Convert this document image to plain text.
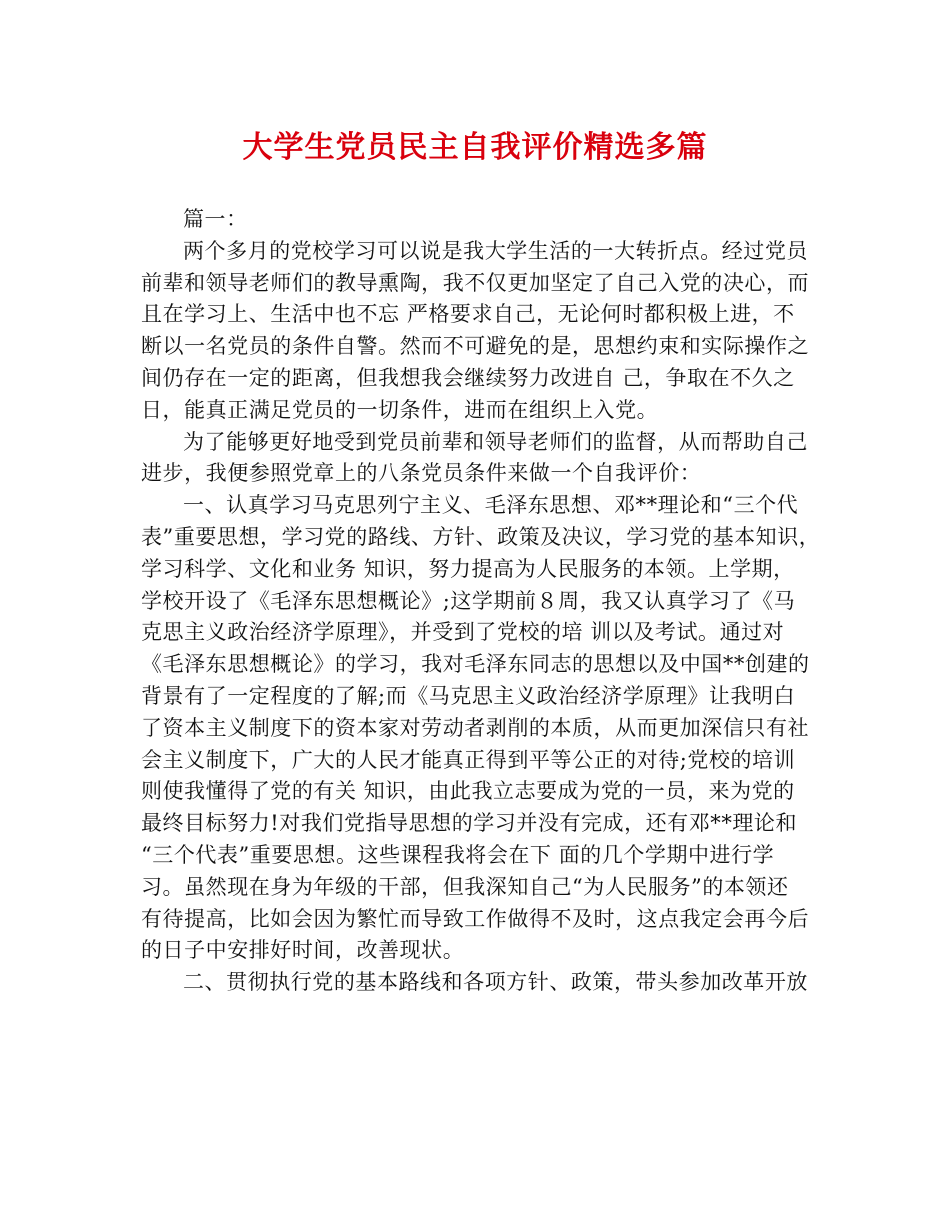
大学生党员民主自我评价精选多篇
篇一：
两个多月的党校学习可以说是我大学生活的一大转折点。经过党员
前辈和领导老师们的教导熏陶，我不仅更加坚定了自己入党的决心，而
且在学习上、生活中也不忘 严格要求自己，无论何时都积极上进，不
断以一名党员的条件自警。然而不可避免的是，思想约束和实际操作之
间仍存在一定的距离，但我想我会继续努力改进自 己，争取在不久之
日，能真正满足党员的一切条件，进而在组织上入党。
为了能够更好地受到党员前辈和领导老师们的监督，从而帮助自己
进步，我便参照党章上的八条党员条件来做一个自我评价：
一、认真学习马克思列宁主义、毛泽东思想、邓**理论和“三个代
表”重要思想，学习党的路线、方针、政策及决议，学习党的基本知识，
学习科学、文化和业务 知识，努力提高为人民服务的本领。上学期，
学校开设了《毛泽东思想概论》;这学期前８周，我又认真学习了《马
克思主义政治经济学原理》，并受到了党校的培 训以及考试。通过对
《毛泽东思想概论》的学习，我对毛泽东同志的思想以及中国**创建的
背景有了一定程度的了解;而《马克思主义政治经济学原理》让我明白
了资本主义制度下的资本家对劳动者剥削的本质，从而更加深信只有社
会主义制度下，广大的人民才能真正得到平等公正的对待;党校的培训
则使我懂得了党的有关 知识，由此我立志要成为党的一员，来为党的
最终目标努力!对我们党指导思想的学习并没有完成，还有邓**理论和
“三个代表”重要思想。这些课程我将会在下 面的几个学期中进行学
习。虽然现在身为年级的干部，但我深知自己“为人民服务”的本领还
有待提高，比如会因为繁忙而导致工作做得不及时，这点我定会再今后
的日子中安排好时间，改善现状。
二、贯彻执行党的基本路线和各项方针、政策，带头参加改革开放
